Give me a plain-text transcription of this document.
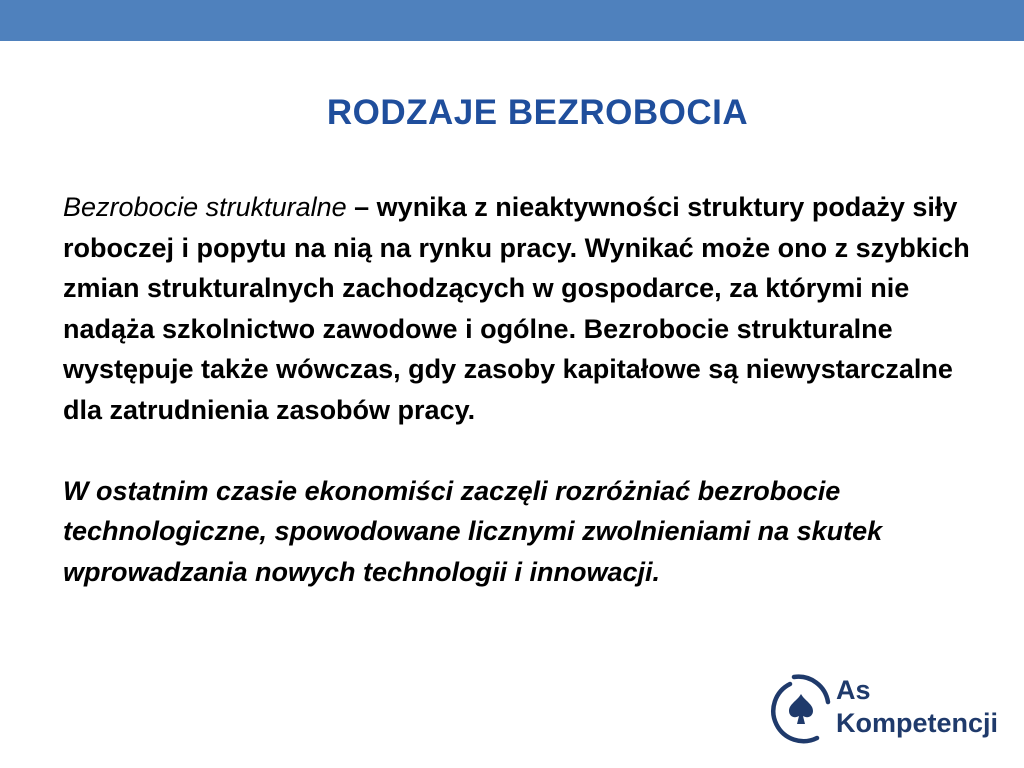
RODZAJE BEZROBOCIA

Bezrobocie strukturalne – wynika z nieaktywności struktury podaży siły roboczej i popytu na nią na rynku pracy. Wynikać może ono z szybkich zmian strukturalnych zachodzących w gospodarce, za którymi nie nadąża szkolnictwo zawodowe i ogólne. Bezrobocie strukturalne występuje także wówczas, gdy zasoby kapitałowe są niewystarczalne dla zatrudnienia zasobów pracy.

W ostatnim czasie ekonomiści zaczęli rozróżniać bezrobocie technologiczne, spowodowane licznymi zwolnieniami na skutek wprowadzania nowych technologii i innowacji.

As
Kompetencji
